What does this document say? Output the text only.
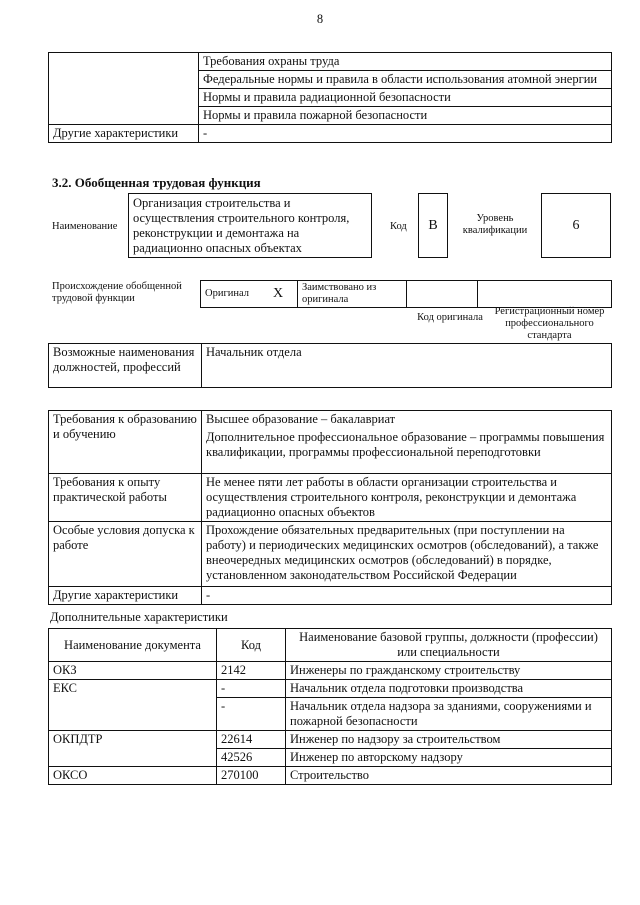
8
	Требования охраны труда
	Федеральные нормы и правила в области использования атомной энергии
	Нормы и правила радиационной безопасности
	Нормы и правила пожарной безопасности
Другие характеристики	-
3.2. Обобщенная трудовая функция
Наименование
Организация строительства и осуществления строительного контроля, реконструкции и демонтажа на радиационно опасных объектах
Код	B	Уровень квалификации	6
Происхождение обобщенной трудовой функции	Оригинал	X	Заимствовано из оригинала		
Код оригинала
Регистрационный номер профессионального стандарта
Возможные наименования должностей, профессий	Начальник отдела
Требования к образованию и обучению	Высшее образование – бакалавриат
Дополнительное профессиональное образование – программы повышения квалификации, программы профессиональной переподготовки

Требования к опыту практической работы	Не менее пяти лет работы в области организации строительства и осуществления строительного контроля, реконструкции и демонтажа радиационно опасных объектов
Особые условия допуска к работе	Прохождение обязательных предварительных (при поступлении на работу) и периодических медицинских осмотров (обследований), а также внеочередных медицинских осмотров (обследований) в порядке, установленном законодательством Российской Федерации
Другие характеристики	-
Дополнительные характеристики
Наименование документа	Код	Наименование базовой группы, должности (профессии) или специальности
ОКЗ	2142	Инженеры по гражданскому строительству
ЕКС	-	Начальник отдела подготовки производства
	-	Начальник отдела надзора за зданиями, сооружениями и пожарной безопасности
ОКПДТР	22614	Инженер по надзору за строительством
	42526	Инженер по авторскому надзору
ОКСО	270100	Строительство
